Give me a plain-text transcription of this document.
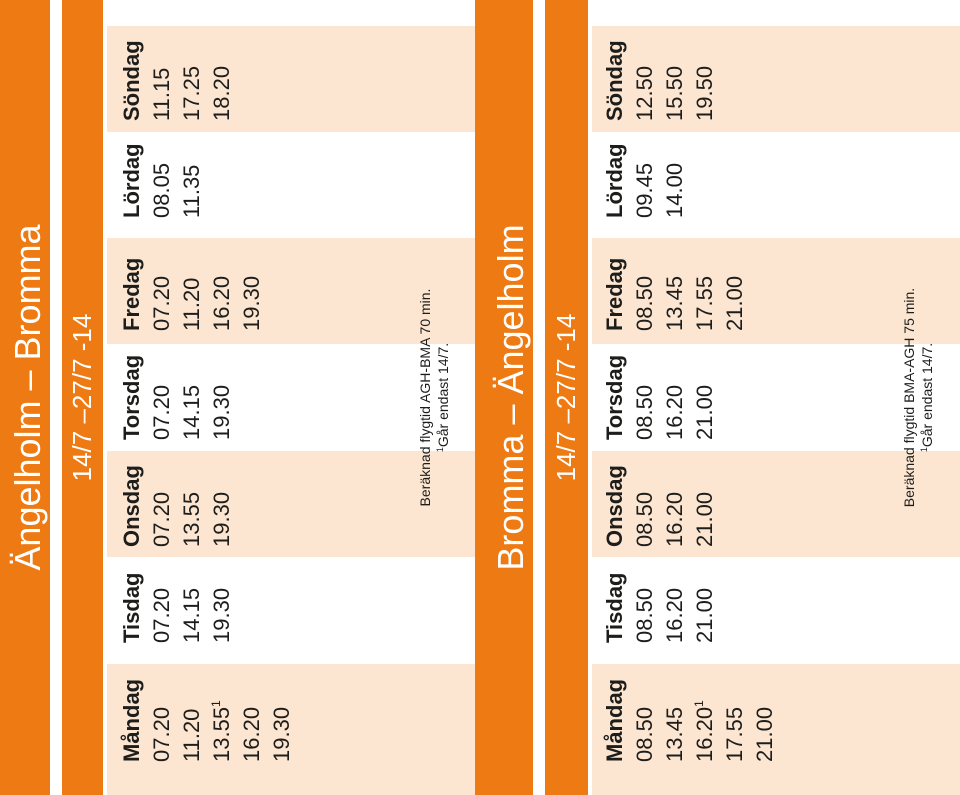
Ängelholm – Bromma 14/7 –27/7 -14
Måndag 07.20 11.20 13.55$^1$
16.20 19.30
Tisdag 07.20 14.15 19.30
Onsdag 07.20 13.55 19.30
Torsdag 07.20 14.15 19.30
Fredag 07.20 11.20 16.20 19.30
Lördag 08.05 11.35
Söndag 11.15 17.25 18.20
Beräknad flygtid AGH-BMA 70 min. $^1$Går endast 14/7.	Bromma – Ängelholm 14/7 –27/7 -14
Måndag 08.50 13.45 16.20$^1$
17.55 21.00
Tisdag 08.50 16.20 21.00
Onsdag 08.50 16.20 21.00
Torsdag 08.50 16.20 21.00
Fredag 08.50 13.45 17.55 21.00
Lördag 09.45 14.00
Söndag 12.50 15.50 19.50
Beräknad flygtid BMA-AGH 75 min. $^1$Går endast 14/7.
